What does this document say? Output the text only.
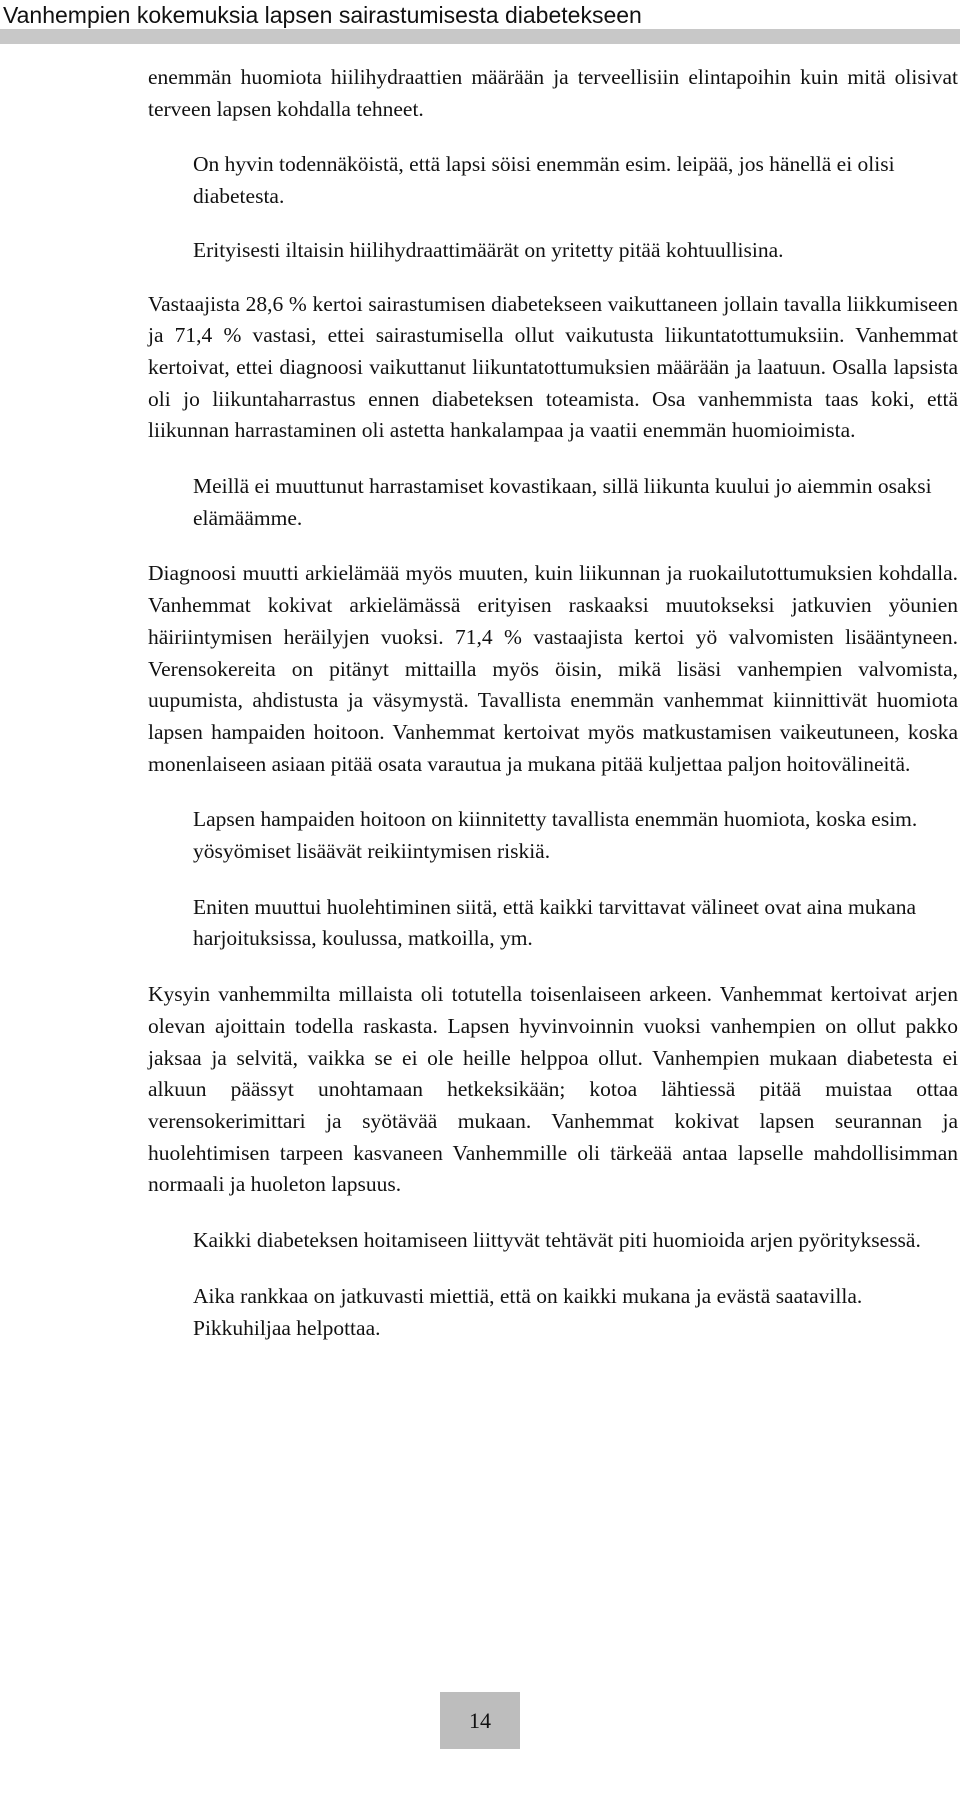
Vanhempien kokemuksia lapsen sairastumisesta diabetekseen

enemmän huomiota hiilihydraattien määrään ja terveellisiin elintapoihin kuin mitä olisivat terveen lapsen kohdalla tehneet.

On hyvin todennäköistä, että lapsi söisi enemmän esim. leipää, jos hänellä ei olisi diabetesta.

Erityisesti iltaisin hiilihydraattimäärät on yritetty pitää kohtuullisina.

Vastaajista 28,6 % kertoi sairastumisen diabetekseen vaikuttaneen jollain tavalla liikkumiseen ja 71,4 % vastasi, ettei sairastumisella ollut vaikutusta liikuntatottumuksiin. Vanhemmat kertoivat, ettei diagnoosi vaikuttanut liikuntatottumuksien määrään ja laatuun. Osalla lapsista oli jo liikuntaharrastus ennen diabeteksen toteamista. Osa vanhemmista taas koki, että liikunnan harrastaminen oli astetta hankalampaa ja vaatii enemmän huomioimista.

Meillä ei muuttunut harrastamiset kovastikaan, sillä liikunta kuului jo aiemmin osaksi elämäämme.

Diagnoosi muutti arkielämää myös muuten, kuin liikunnan ja ruokailutottumuksien kohdalla. Vanhemmat kokivat arkielämässä erityisen raskaaksi muutokseksi jatkuvien yöunien häiriintymisen heräilyjen vuoksi. 71,4 % vastaajista kertoi yö valvomisten lisääntyneen. Verensokereita on pitänyt mittailla myös öisin, mikä lisäsi vanhempien valvomista, uupumista, ahdistusta ja väsymystä. Tavallista enemmän vanhemmat kiinnittivät huomiota lapsen hampaiden hoitoon. Vanhemmat kertoivat myös matkustamisen vaikeutuneen, koska monenlaiseen asiaan pitää osata varautua ja mukana pitää kuljettaa paljon hoitovälineitä.

Lapsen hampaiden hoitoon on kiinnitetty tavallista enemmän huomiota, koska esim. yösyömiset lisäävät reikiintymisen riskiä.

Eniten muuttui huolehtiminen siitä, että kaikki tarvittavat välineet ovat aina mukana harjoituksissa, koulussa, matkoilla, ym.

Kysyin vanhemmilta millaista oli totutella toisenlaiseen arkeen. Vanhemmat kertoivat arjen olevan ajoittain todella raskasta. Lapsen hyvinvoinnin vuoksi vanhempien on ollut pakko jaksaa ja selvitä, vaikka se ei ole heille helppoa ollut. Vanhempien mukaan diabetesta ei alkuun päässyt unohtamaan hetkeksikään; kotoa lähtiessä pitää muistaa ottaa verensokerimittari ja syötävää mukaan. Vanhemmat kokivat lapsen seurannan ja huolehtimisen tarpeen kasvaneen Vanhemmille oli tärkeää antaa lapselle mahdollisimman normaali ja huoleton lapsuus.

Kaikki diabeteksen hoitamiseen liittyvät tehtävät piti huomioida arjen pyörityksessä.

Aika rankkaa on jatkuvasti miettiä, että on kaikki mukana ja evästä saatavilla. Pikkuhiljaa helpottaa.

14
